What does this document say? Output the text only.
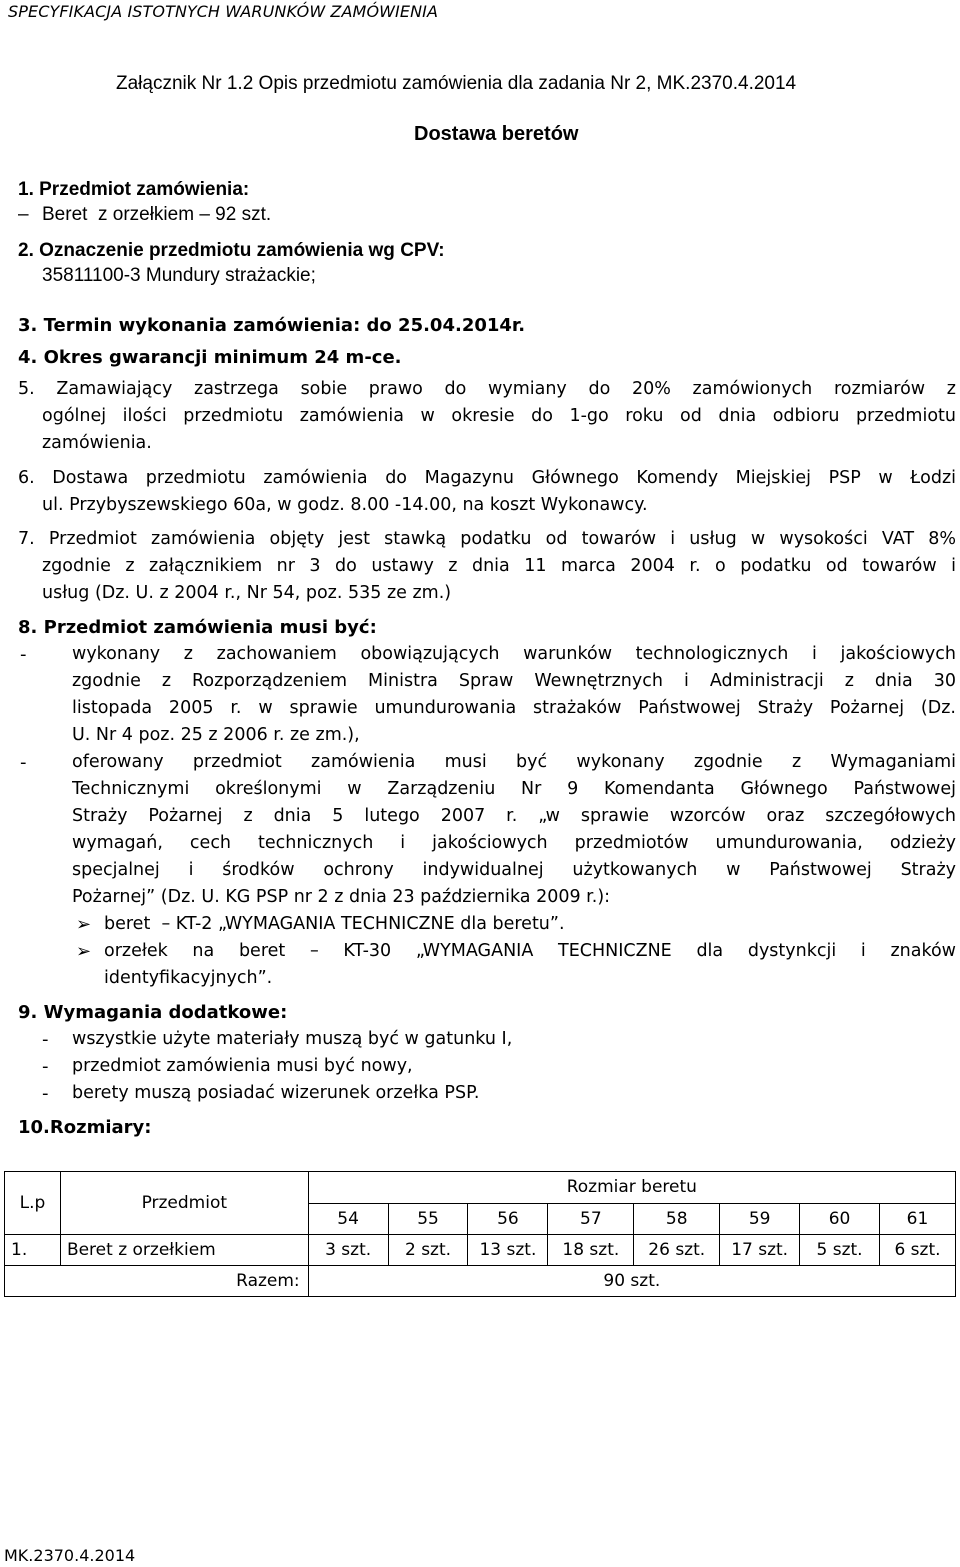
SPECYFIKACJA ISTOTNYCH WARUNKÓW ZAMÓWIENIA
Załącznik Nr 1.2 Opis przedmiotu zamówienia dla zadania Nr 2, MK.2370.4.2014
Dostawa beretów
1. Przedmiot zamówienia:
– Beret  z orzełkiem – 92 szt.
2. Oznaczenie przedmiotu zamówienia wg CPV:
35811100-3 Mundury strażackie;
3. Termin wykonania zamówienia: do 25.04.2014r.
4. Okres gwarancji minimum 24 m-ce.
5. Zamawiający zastrzega sobie prawo do wymiany do 20% zamówionych rozmiarów z
ogólnej ilości przedmiotu zamówienia w okresie do 1-go roku od dnia odbioru przedmiotu
zamówienia.
6. Dostawa przedmiotu zamówienia do Magazynu Głównego Komendy Miejskiej PSP w Łodzi
ul. Przybyszewskiego 60a, w godz. 8.00 -14.00, na koszt Wykonawcy.
7. Przedmiot zamówienia objęty jest stawką podatku od towarów i usług w wysokości VAT 8%
zgodnie z załącznikiem nr 3 do ustawy z dnia 11 marca 2004 r. o podatku od towarów i
usług (Dz. U. z 2004 r., Nr 54, poz. 535 ze zm.)
8. Przedmiot zamówienia musi być:
-	wykonany z zachowaniem obowiązujących warunków technologicznych i jakościowych
zgodnie z Rozporządzeniem Ministra Spraw Wewnętrznych i Administracji z dnia 30
listopada 2005 r. w sprawie umundurowania strażaków Państwowej Straży Pożarnej (Dz.
U. Nr 4 poz. 25 z 2006 r. ze zm.),
-	oferowany przedmiot zamówienia musi być wykonany zgodnie z Wymaganiami
Technicznymi określonymi w Zarządzeniu Nr 9 Komendanta Głównego Państwowej
Straży Pożarnej z dnia 5 lutego 2007 r. „w sprawie wzorców oraz szczegółowych
wymagań, cech technicznych i jakościowych przedmiotów umundurowania, odzieży
specjalnej i środków ochrony indywidualnej użytkowanych w Państwowej Straży
Pożarnej” (Dz. U. KG PSP nr 2 z dnia 23 października 2009 r.):
➢ beret  – KT-2 „WYMAGANIA TECHNICZNE dla beretu”.
➢ orzełek na beret – KT-30 „WYMAGANIA TECHNICZNE dla dystynkcji i znaków
identyfikacyjnych”.
9. Wymagania dodatkowe:
- wszystkie użyte materiały muszą być w gatunku I,
- przedmiot zamówienia musi być nowy,
- berety muszą posiadać wizerunek orzełka PSP.
10.Rozmiary:
L.p	Przedmiot	Rozmiar beretu							
		54	55	56	57	58	59	60	61
1.	Beret z orzełkiem	3 szt.	2 szt.	13 szt.	18 szt.	26 szt.	17 szt.	5 szt.	6 szt.
Razem:		90 szt.							
MK.2370.4.2014
